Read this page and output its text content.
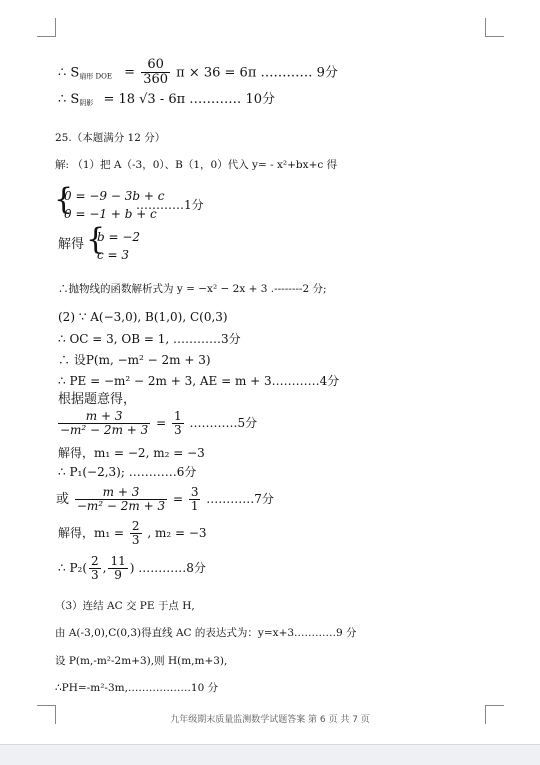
∴ $S_{扇形 DOE} = \frac{60}{360}$ π × 36 = 6π ………… 9分
∴ $S_{阴影} = 18$ √3 - 6π ………… 10分
25.（本题满分 12 分）
解: （1）把 A（-3，0）、B（1，0）代入 y= - x²+bx+c 得
{
0 = −9 − 3b + c
0 = −1 + b + c
…………1分
解得 {
b = −2
c = 3
∴抛物线的函数解析式为 y = −x² − 2x + 3 .--------2 分;
(2) ∵ A(−3,0), B(1,0), C(0,3)
∴ OC = 3, OB = 1, …………3分
∴ 设P(m, −m² − 2m + 3)
∴ PE = −m² − 2m + 3, AE = m + 3…………4分
根据题意得，
$\frac{m + 3}{\text{−m² − 2m + 3}} = \frac{1}{3}$ …………5分
解得，m₁ = −2, m₂ = −3
∴ P₁(−2,3); …………6分
或 $\frac{m + 3}{\text{−m² − 2m + 3}} = \frac{3}{1}$ …………7分
解得，$m_1 = \frac{2}{3}$ , m₂ = −3
∴ $P_2( \frac{2}{3}$ , $\frac{11}{9}$ ) …………8分
（3）连结 AC 交 PE 于点 H,
由 A(-3,0),C(0,3)得直线 AC 的表达式为：y=x+3…………9 分
设 P(m,-m²-2m+3),则 H(m,m+3),
∴PH=-m²-3m,………………10 分
九年级期末质量监测数学试题答案 第 6 页 共 7 页
